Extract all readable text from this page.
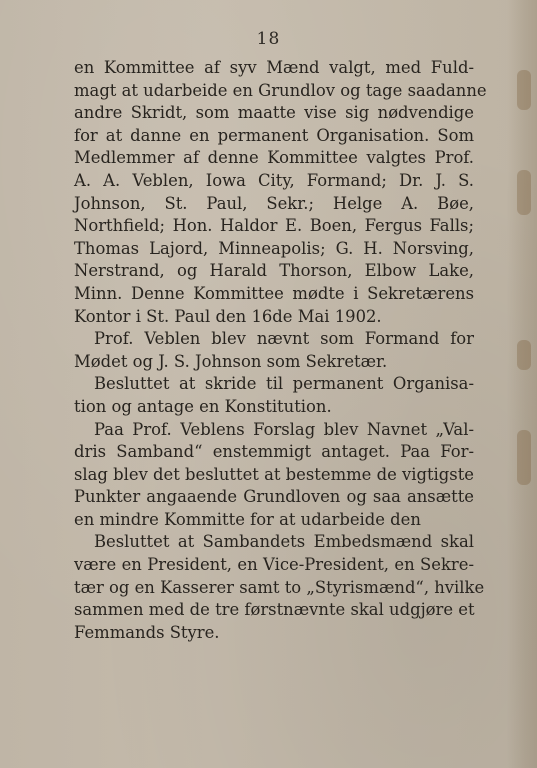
18
en Kommittee af syv Mænd valgt, med Fuld-
magt at udarbeide en Grundlov og tage saadanne
andre Skridt, som maatte vise sig nødvendige
for at danne en permanent Organisation. Som
Medlemmer af denne Kommittee valgtes Prof.
A. A. Veblen, Iowa City, Formand; Dr. J. S.
Johnson, St. Paul, Sekr.; Helge A. Bøe,
Northfield; Hon. Haldor E. Boen, Fergus Falls;
Thomas Lajord, Minneapolis; G. H. Norsving,
Nerstrand, og Harald Thorson, Elbow Lake,
Minn. Denne Kommittee mødte i Sekretærens
Kontor i St. Paul den 16de Mai 1902.
Prof. Veblen blev nævnt som Formand for
Mødet og J. S. Johnson som Sekretær.
Besluttet at skride til permanent Organisa-
tion og antage en Konstitution.
Paa Prof. Veblens Forslag blev Navnet „Val-
dris Samband“ enstemmigt antaget. Paa For-
slag blev det besluttet at bestemme de vigtigste
Punkter angaaende Grundloven og saa ansætte
en mindre Kommitte for at udarbeide den
Besluttet at Sambandets Embedsmænd skal
være en President, en Vice-President, en Sekre-
tær og en Kasserer samt to „Styrismænd“, hvilke
sammen med de tre førstnævnte skal udgjøre et
Femmands Styre.
